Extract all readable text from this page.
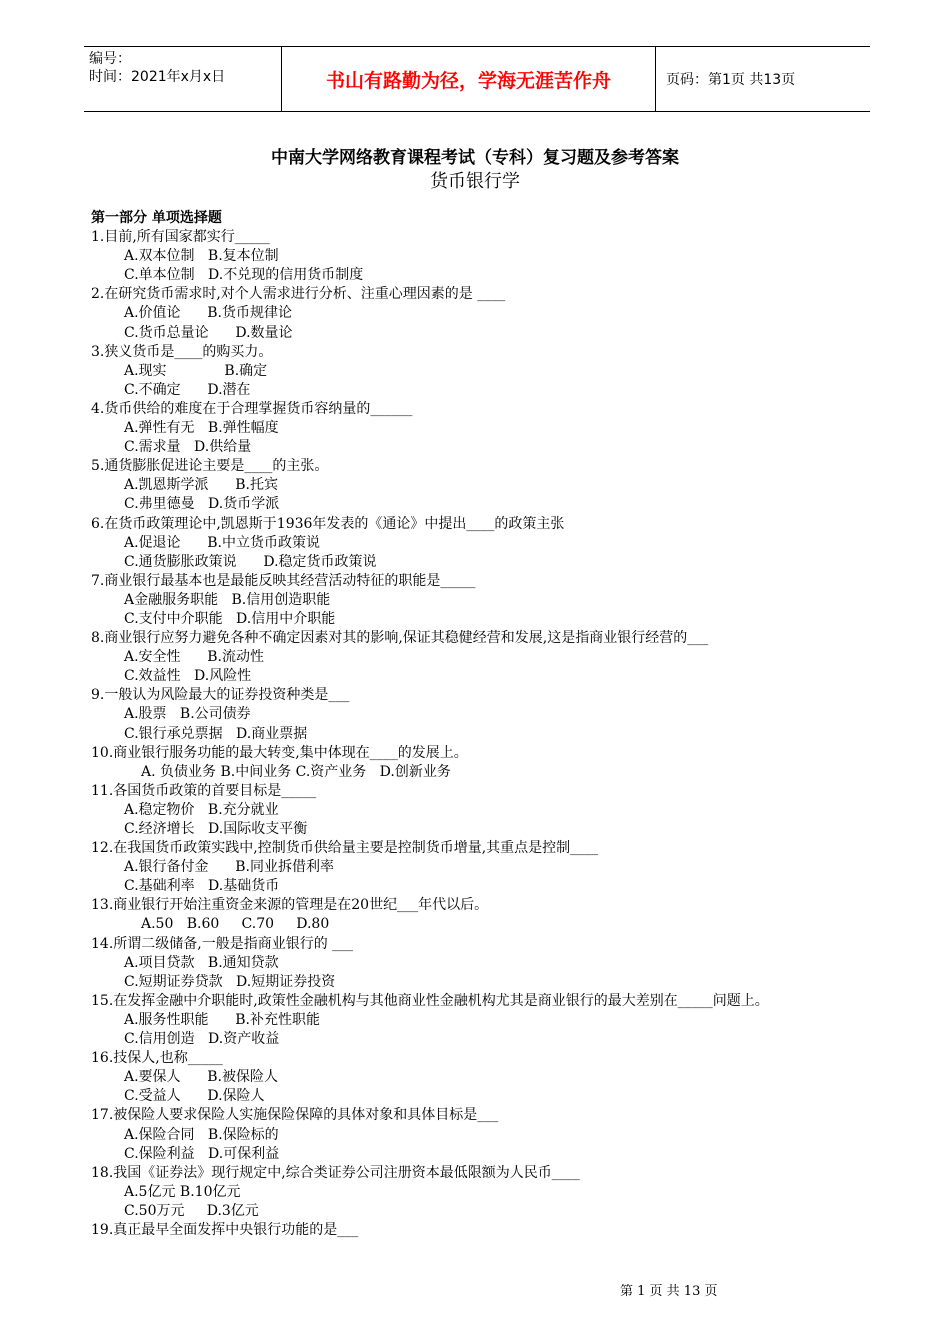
编号：
时间：2021年x月x日	书山有路勤为径，学海无涯苦作舟	页码：第1页 共13页
中南大学网络教育课程考试（专科）复习题及参考答案
货币银行学
第一部分 单项选择题
1.目前,所有国家都实行_____
A.双本位制   B.复本位制
C.单本位制   D.不兑现的信用货币制度
2.在研究货币需求时,对个人需求进行分析、注重心理因素的是 ____
A.价值论      B.货币规律论
C.货币总量论      D.数量论
3.狭义货币是____的购买力。
A.现实             B.确定
C.不确定      D.潜在
4.货币供给的难度在于合理掌握货币容纳量的______
A.弹性有无   B.弹性幅度
C.需求量   D.供给量
5.通货膨胀促进论主要是____的主张。
A.凯恩斯学派      B.托宾
C.弗里德曼   D.货币学派
6.在货币政策理论中,凯恩斯于1936年发表的《通论》中提出____的政策主张
A.促退论      B.中立货币政策说
C.通货膨胀政策说      D.稳定货币政策说
7.商业银行最基本也是最能反映其经营活动特征的职能是_____
A金融服务职能   B.信用创造职能
C.支付中介职能   D.信用中介职能
8.商业银行应努力避免各种不确定因素对其的影响,保证其稳健经营和发展,这是指商业银行经营的___
A.安全性      B.流动性
C.效益性   D.风险性
9.一般认为风险最大的证券投资种类是___
A.股票   B.公司债券
C.银行承兑票据   D.商业票据
10.商业银行服务功能的最大转变,集中体现在____的发展上。
A. 负债业务 B.中间业务 C.资产业务   D.创新业务
11.各国货币政策的首要目标是_____
A.稳定物价   B.充分就业
C.经济增长   D.国际收支平衡
12.在我国货币政策实践中,控制货币供给量主要是控制货币增量,其重点是控制____
A.银行备付金      B.同业拆借利率
C.基础利率   D.基础货币
13.商业银行开始注重资金来源的管理是在20世纪___年代以后。
A.50   B.60     C.70     D.80
14.所谓二级储备,一般是指商业银行的 ___
A.项目贷款   B.通知贷款
C.短期证券贷款   D.短期证券投资
15.在发挥金融中介职能时,政策性金融机构与其他商业性金融机构尤其是商业银行的最大差别在_____问题上。
A.服务性职能      B.补充性职能
C.信用创造   D.资产收益
16.技保人,也称_____
A.要保人      B.被保险人
C.受益人      D.保险人
17.被保险人要求保险人实施保险保障的具体对象和具体目标是___
A.保险合同   B.保险标的
C.保险利益   D.可保利益
18.我国《证券法》现行规定中,综合类证券公司注册资本最低限额为人民币____
A.5亿元 B.10亿元
C.50万元     D.3亿元
19.真正最早全面发挥中央银行功能的是___
第 1 页 共 13 页
